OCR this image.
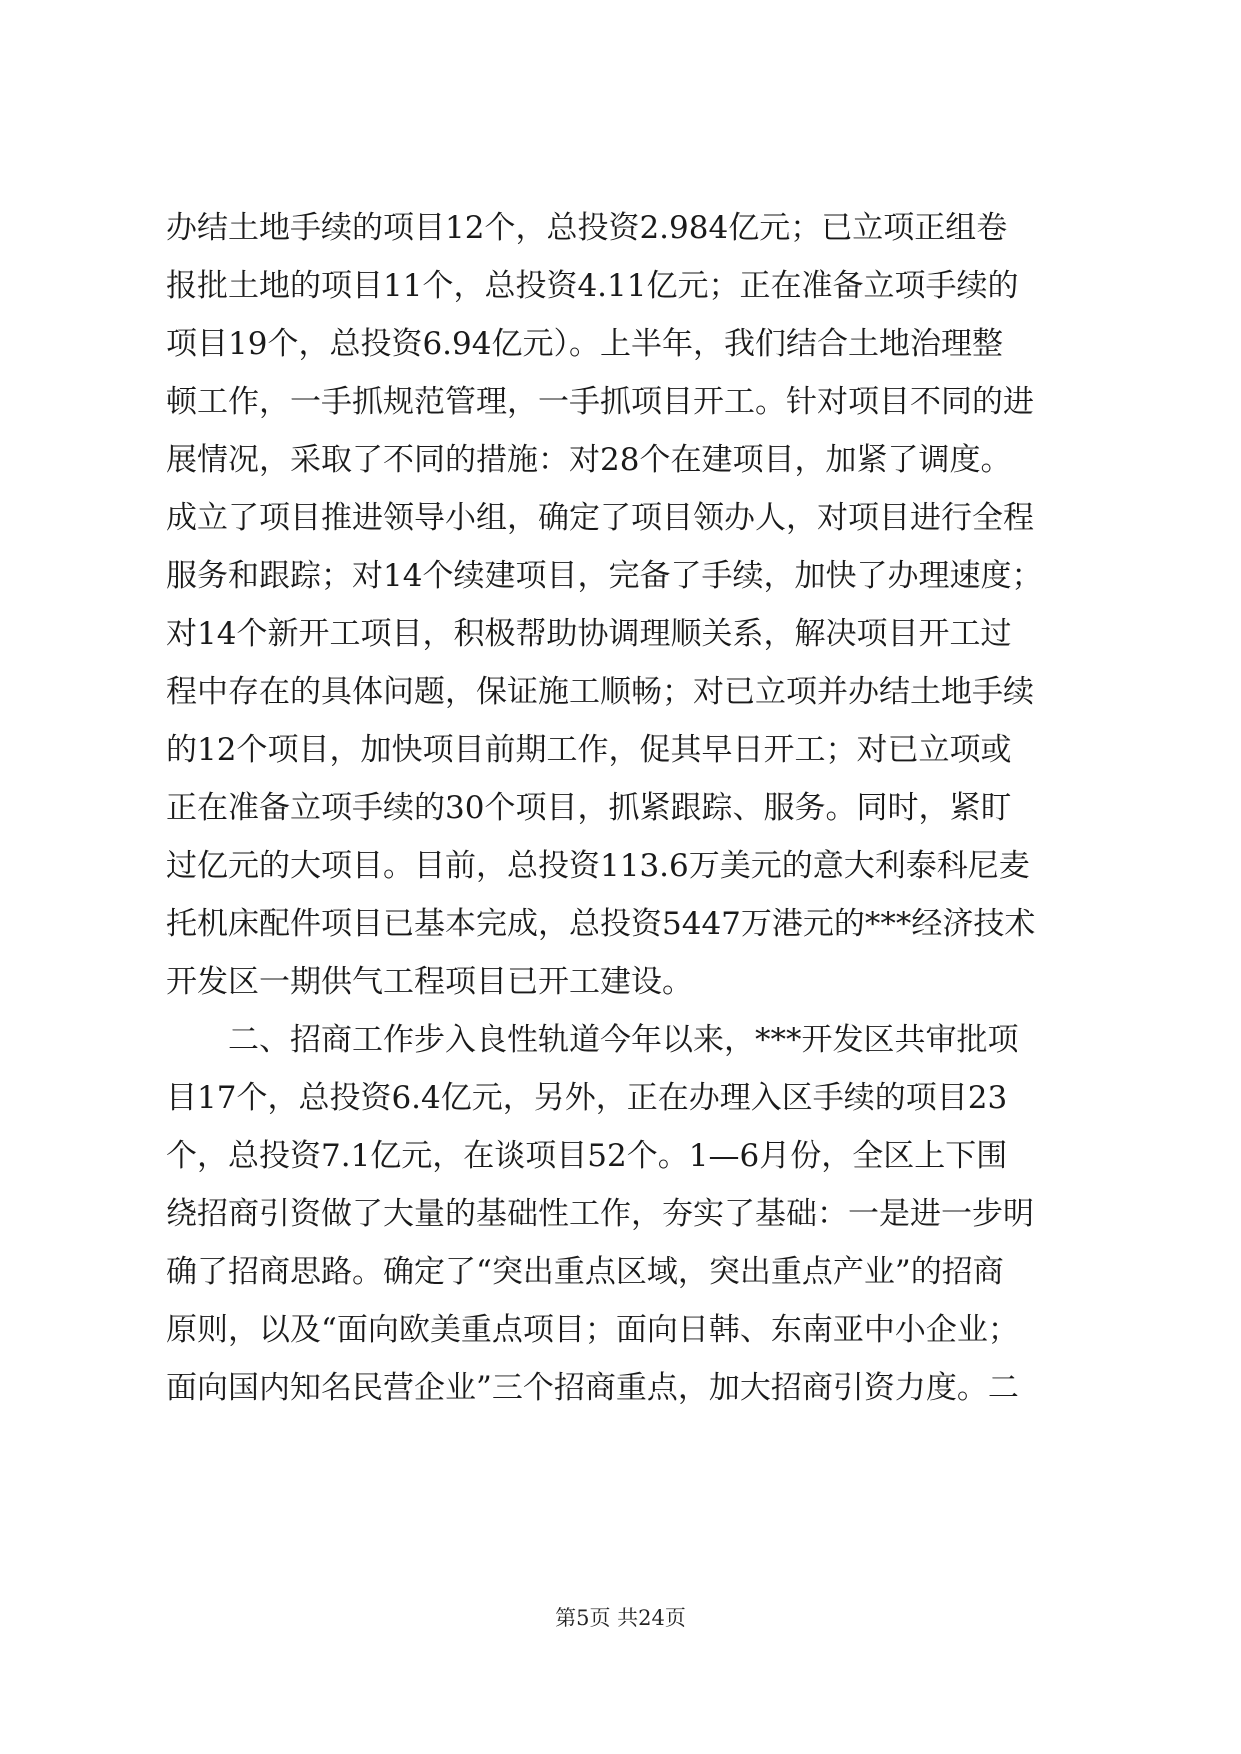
办结土地手续的项目12个，总投资2.984亿元；已立项正组卷
报批土地的项目11个，总投资4.11亿元；正在准备立项手续的
项目19个，总投资6.94亿元）。上半年，我们结合土地治理整
顿工作，一手抓规范管理，一手抓项目开工。针对项目不同的进
展情况，采取了不同的措施：对28个在建项目，加紧了调度。
成立了项目推进领导小组，确定了项目领办人，对项目进行全程
服务和跟踪；对14个续建项目，完备了手续，加快了办理速度；
对14个新开工项目，积极帮助协调理顺关系，解决项目开工过
程中存在的具体问题，保证施工顺畅；对已立项并办结土地手续
的12个项目，加快项目前期工作，促其早日开工；对已立项或
正在准备立项手续的30个项目，抓紧跟踪、服务。同时，紧盯
过亿元的大项目。目前，总投资113.6万美元的意大利泰科尼麦
托机床配件项目已基本完成，总投资5447万港元的***经济技术
开发区一期供气工程项目已开工建设。
　　二、招商工作步入良性轨道今年以来，***开发区共审批项
目17个，总投资6.4亿元，另外，正在办理入区手续的项目23
个，总投资7.1亿元，在谈项目52个。1—6月份，全区上下围
绕招商引资做了大量的基础性工作，夯实了基础：一是进一步明
确了招商思路。确定了“突出重点区域，突出重点产业”的招商
原则，以及“面向欧美重点项目；面向日韩、东南亚中小企业；
面向国内知名民营企业”三个招商重点，加大招商引资力度。二
第5页 共24页
